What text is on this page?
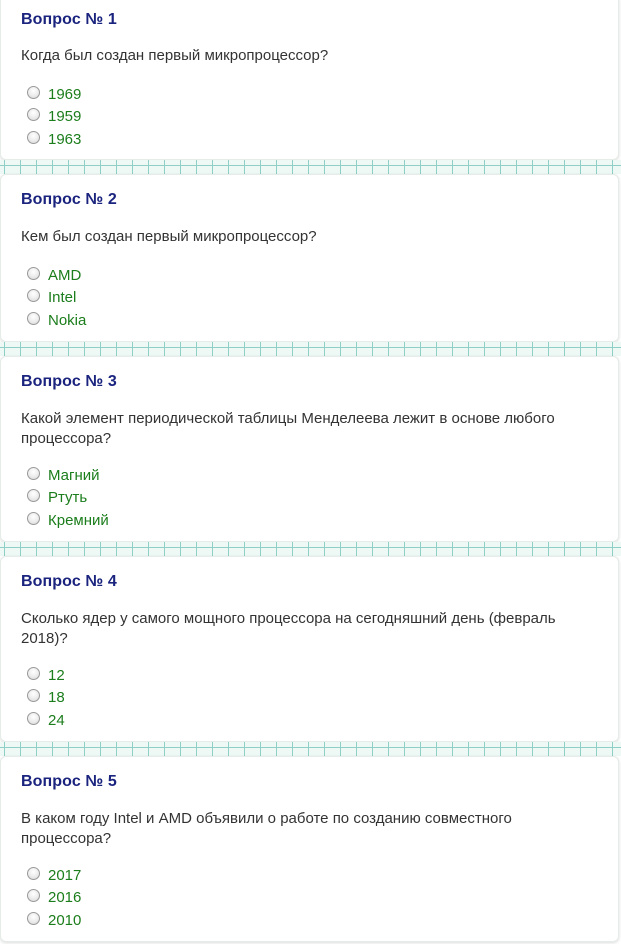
Вопрос № 1
Когда был создан первый микропроцессор?
1969
1959
1963
Вопрос № 2
Кем был создан первый микропроцессор?
AMD
Intel
Nokia
Вопрос № 3
Какой элемент периодической таблицы Менделеева лежит в основе любого процессора?
Магний
Ртуть
Кремний
Вопрос № 4
Сколько ядер у самого мощного процессора на сегодняшний день (февраль 2018)?
12
18
24
Вопрос № 5
В каком году Intel и AMD объявили о работе по созданию совместного процессора?
2017
2016
2010
